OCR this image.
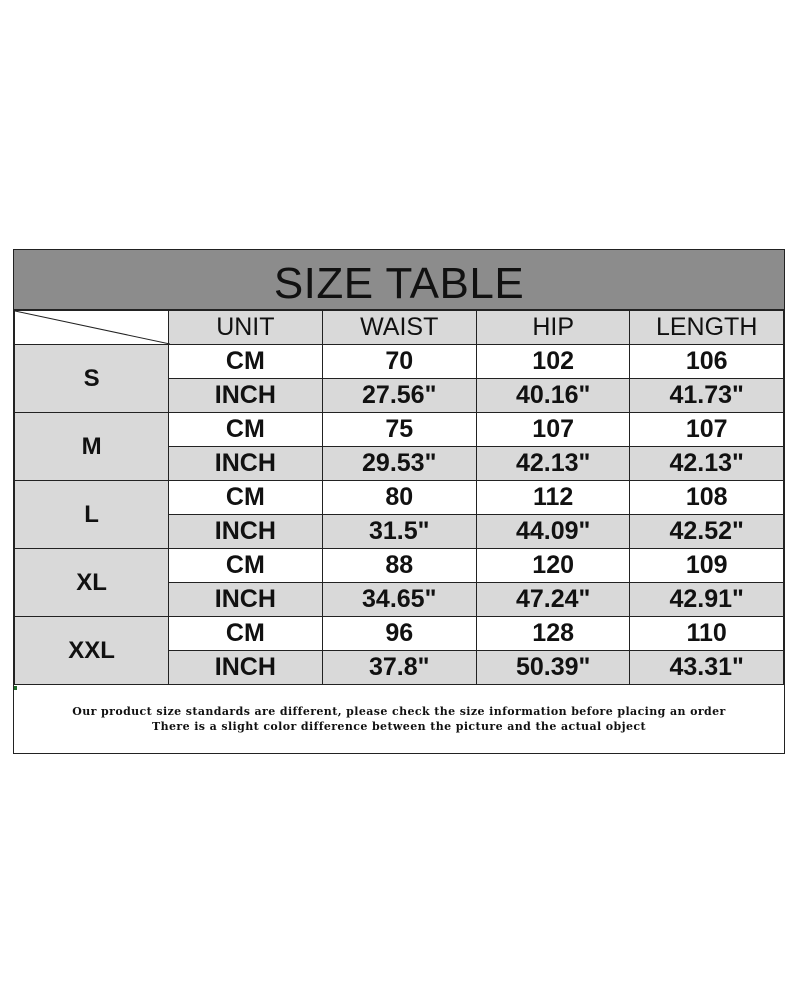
SIZE TABLE
	UNIT	WAIST	HIP	LENGTH
S	CM	70	102	106
	INCH	27.56"	40.16"	41.73"
M	CM	75	107	107
	INCH	29.53"	42.13"	42.13"
L	CM	80	112	108
	INCH	31.5"	44.09"	42.52"
XL	CM	88	120	109
	INCH	34.65"	47.24"	42.91"
XXL	CM	96	128	110
	INCH	37.8"	50.39"	43.31"
Our product size standards are different, please check the size information before placing an order
There is a slight color difference between the picture and the actual object
